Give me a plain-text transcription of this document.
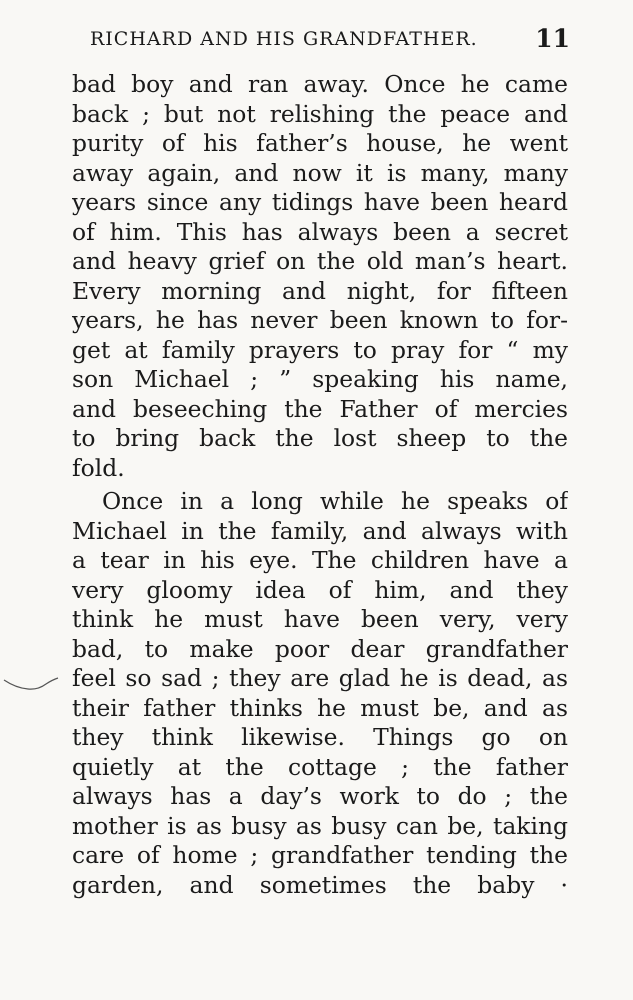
RICHARD AND HIS GRANDFATHER. 11
bad boy and ran away. Once he came
back ; but not relishing the peace and
purity of his father’s house, he went
away again, and now it is many, many
years since any tidings have been heard
of him. This has always been a secret
and heavy grief on the old man’s heart.
Every morning and night, for fifteen
years, he has never been known to for-
get at family prayers to pray for “ my
son Michael ; ” speaking his name,
and beseeching the Father of mercies
to bring back the lost sheep to the
fold.
Once in a long while he speaks of
Michael in the family, and always with
a tear in his eye. The children have a
very gloomy idea of him, and they
think he must have been very, very
bad, to make poor dear grandfather
feel so sad ; they are glad he is dead, as
their father thinks he must be, and as
they think likewise. Things go on
quietly at the cottage ; the father
always has a day’s work to do ; the
mother is as busy as busy can be, taking
care of home ; grandfather tending the
garden, and sometimes the baby ·
